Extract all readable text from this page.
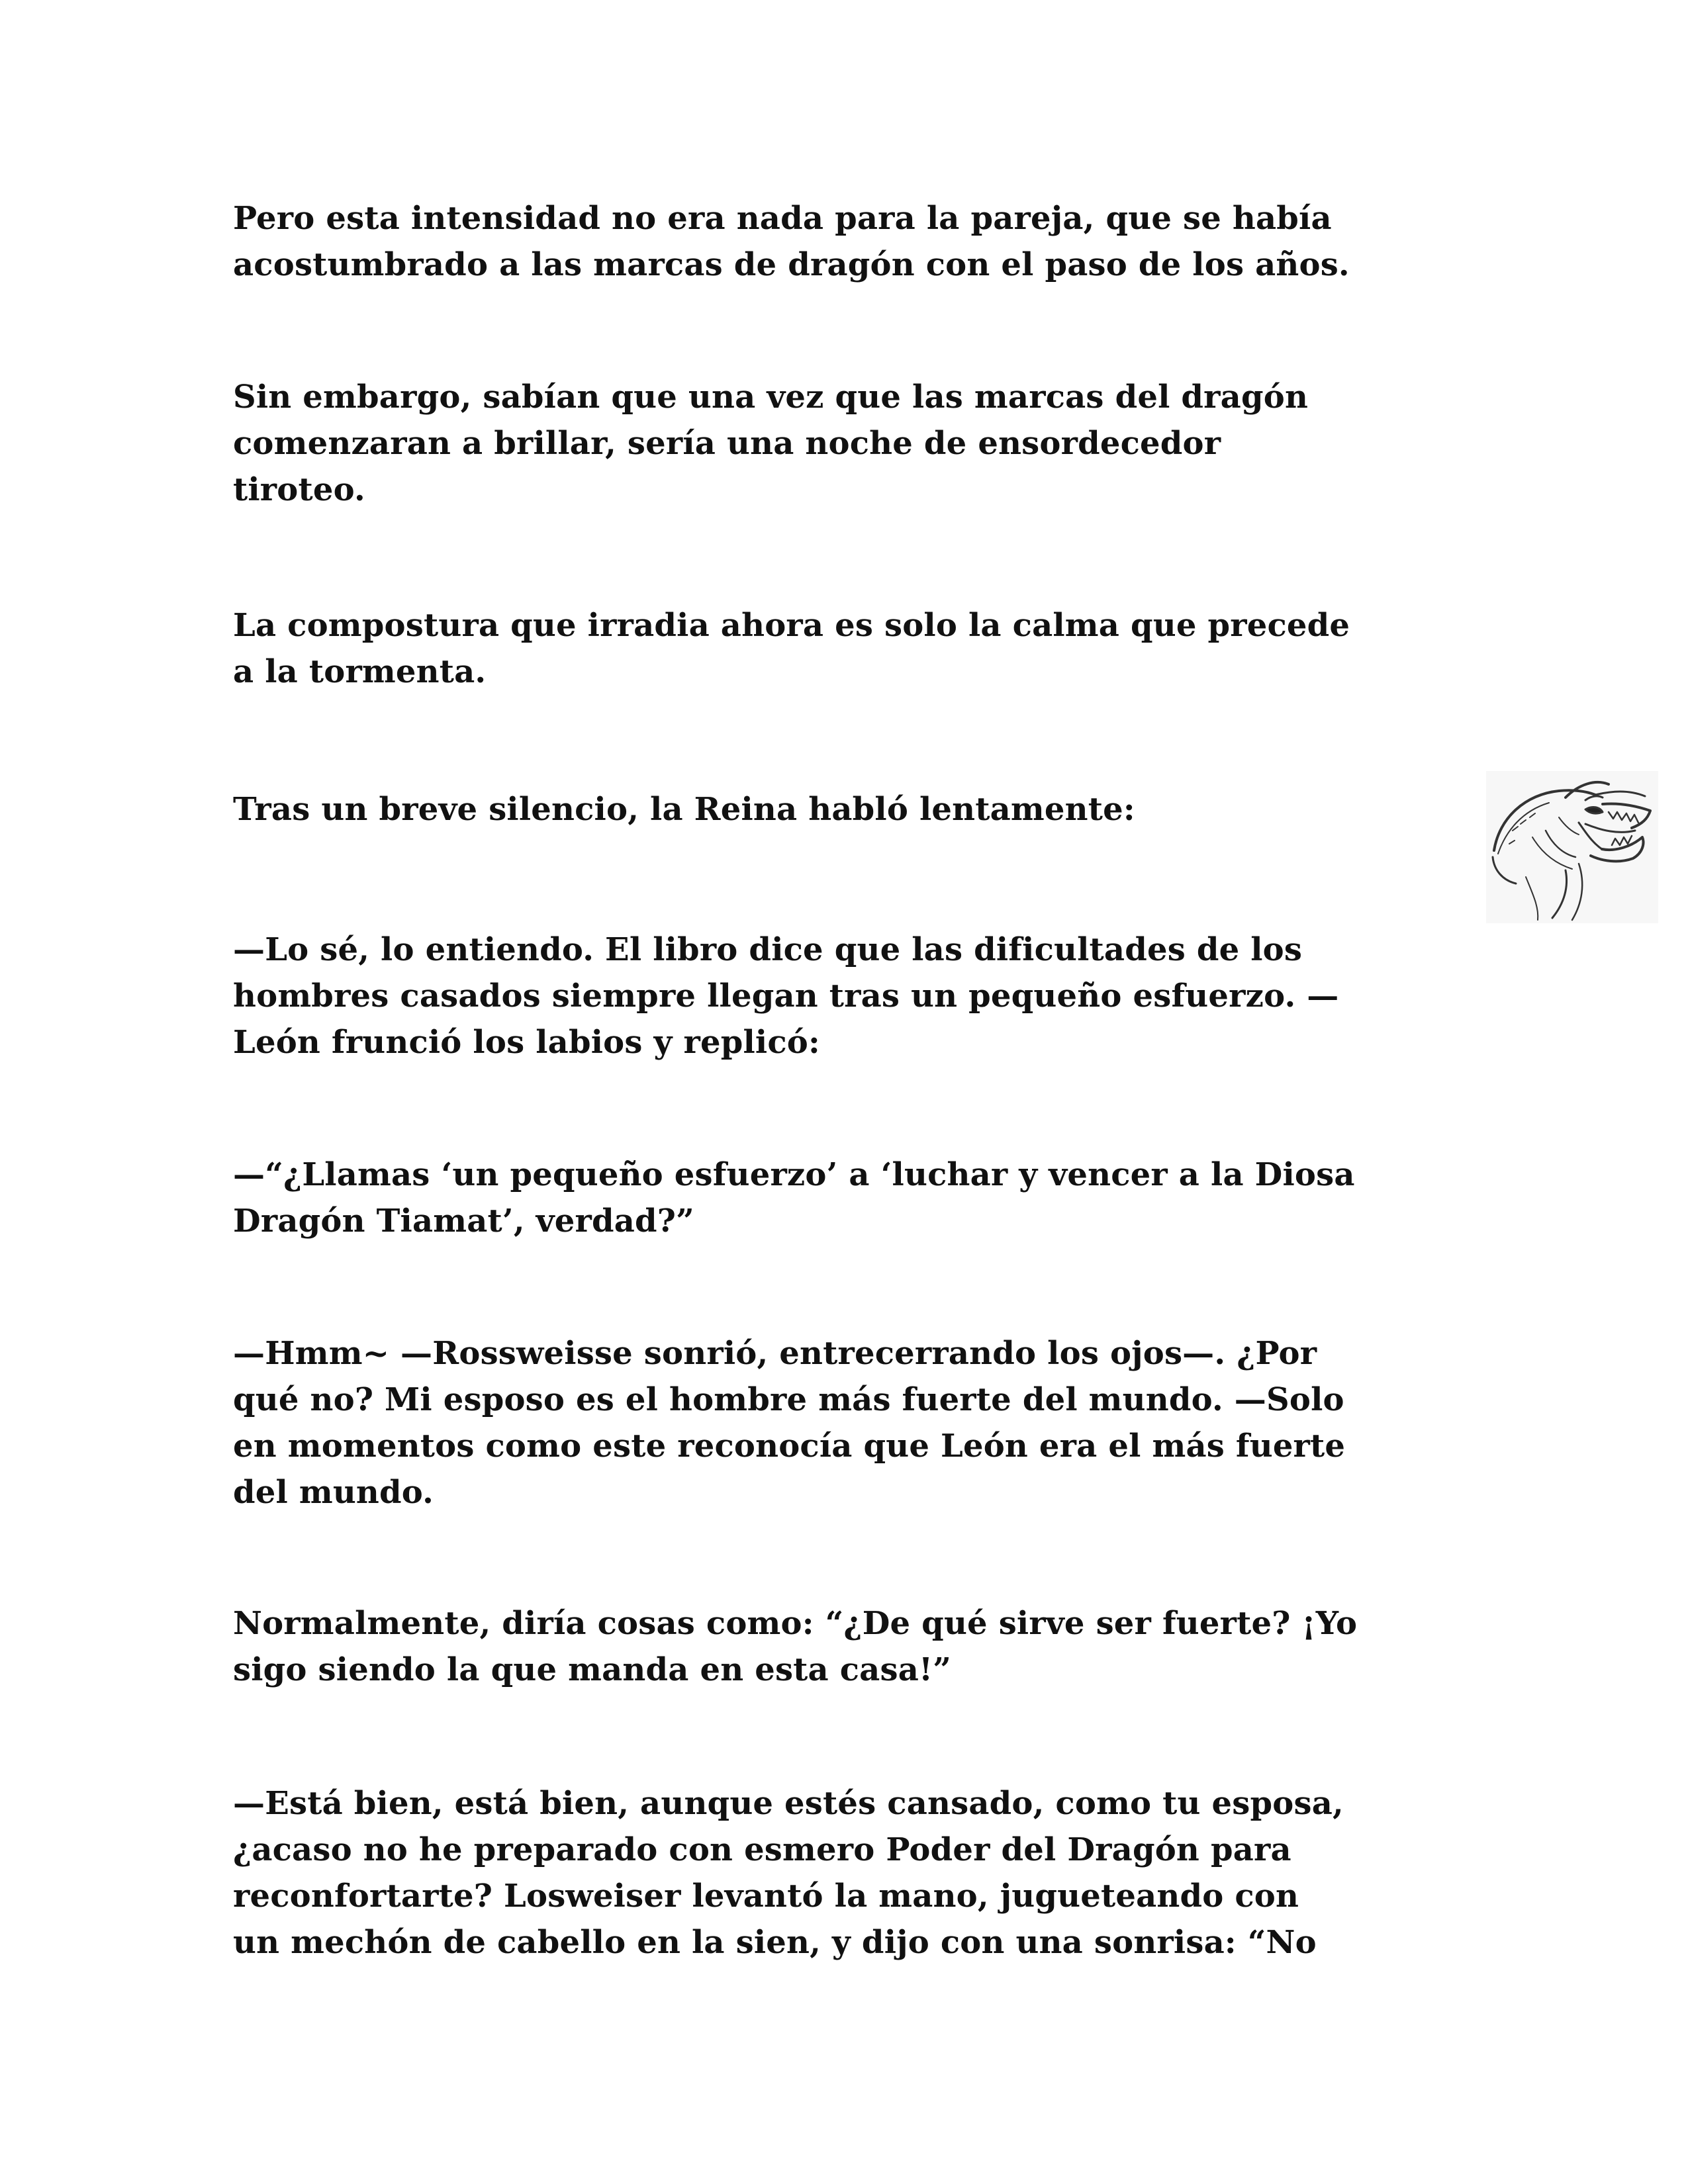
Pero esta intensidad no era nada para la pareja, que se había
acostumbrado a las marcas de dragón con el paso de los años.

Sin embargo, sabían que una vez que las marcas del dragón
comenzaran a brillar, sería una noche de ensordecedor
tiroteo.

La compostura que irradia ahora es solo la calma que precede
a la tormenta.

Tras un breve silencio, la Reina habló lentamente:

—Lo sé, lo entiendo. El libro dice que las dificultades de los
hombres casados siempre llegan tras un pequeño esfuerzo. —
León frunció los labios y replicó:

—“¿Llamas ‘un pequeño esfuerzo’ a ‘luchar y vencer a la Diosa
Dragón Tiamat’, verdad?”

—Hmm~ —Rossweisse sonrió, entrecerrando los ojos—. ¿Por
qué no? Mi esposo es el hombre más fuerte del mundo. —Solo
en momentos como este reconocía que León era el más fuerte
del mundo.

Normalmente, diría cosas como: “¿De qué sirve ser fuerte? ¡Yo
sigo siendo la que manda en esta casa!”

—Está bien, está bien, aunque estés cansado, como tu esposa,
¿acaso no he preparado con esmero Poder del Dragón para
reconfortarte? Losweiser levantó la mano, jugueteando con
un mechón de cabello en la sien, y dijo con una sonrisa: “No
